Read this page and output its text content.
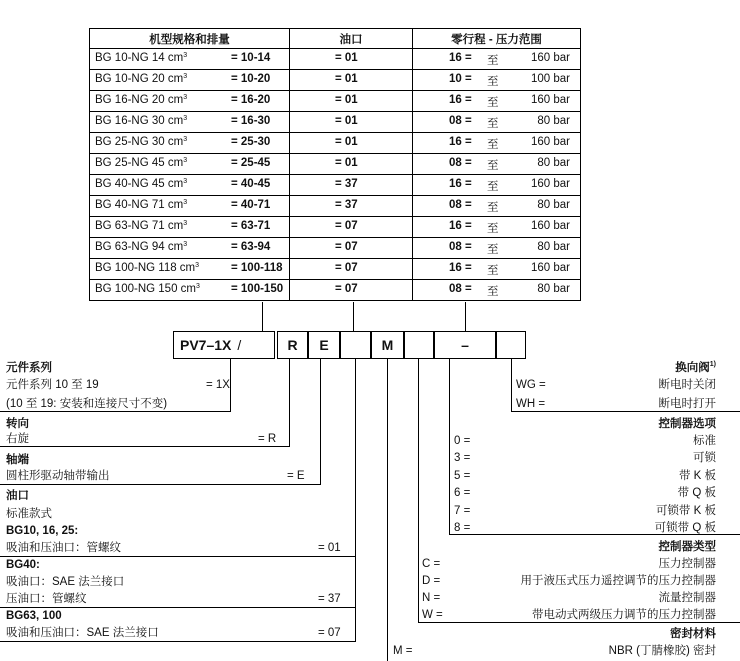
机型规格和排量	油口	零行程 - 压力范围

BG 10-NG 14 $cm^3 = 10-14$	= 01	16 = 至 160 bar

BG 10-NG 20 $cm^3 = 10-20$	= 01	10 = 至 100 bar

BG 16-NG 20 $cm^3 = 16-20$	= 01	16 = 至 160 bar

BG 16-NG 30 $cm^3 = 16-30$	= 01	08 = 至 80 bar

BG 25-NG 30 $cm^3 = 25-30$	= 01	16 = 至 160 bar

BG 25-NG 45 $cm^3 = 25-45$	= 01	08 = 至 80 bar

BG 40-NG 45 $cm^3 = 40-45$	= 37	16 = 至 160 bar

BG 40-NG 71 $cm^3 = 40-71$	= 37	08 = 至 80 bar

BG 63-NG 71 $cm^3 = 63-71$	= 07	16 = 至 160 bar

BG 63-NG 94 $cm^3 = 63-94$	= 07	08 = 至 80 bar

BG 100-NG 118 $cm^3 = 100-118$	= 07	16 = 至 160 bar

BG 100-NG 150 $cm^3 = 100-150$	= 07	08 = 至 80 bar
PV7–1X /	R	E	M	–
元件系列
元件系列 10 至 19	= 1X
(10 至 19: 安装和连接尺寸不变)
转向
右旋	= R
轴端
圆柱形驱动轴带输出	= E
油口
标准款式
BG10, 16, 25:
吸油和压油口：管螺纹	= 01
BG40:
吸油口：SAE 法兰接口
压油口：管螺纹	= 37
BG63, 100
吸油和压油口：SAE 法兰接口	= 07
换向阀$^{1)}$
WG =	断电时关闭
WH =	断电时打开
控制器选项
0 =	标准
3 =	可锁
5 =	带 K 板
6 =	带 Q 板
7 =	可锁带 K 板
8 =	可锁带 Q 板
控制器类型
C =	压力控制器
D =	用于液压式压力遥控调节的压力控制器
N =	流量控制器
W =	带电动式两级压力调节的压力控制器
密封材料
M =	NBR (丁腈橡胶) 密封
